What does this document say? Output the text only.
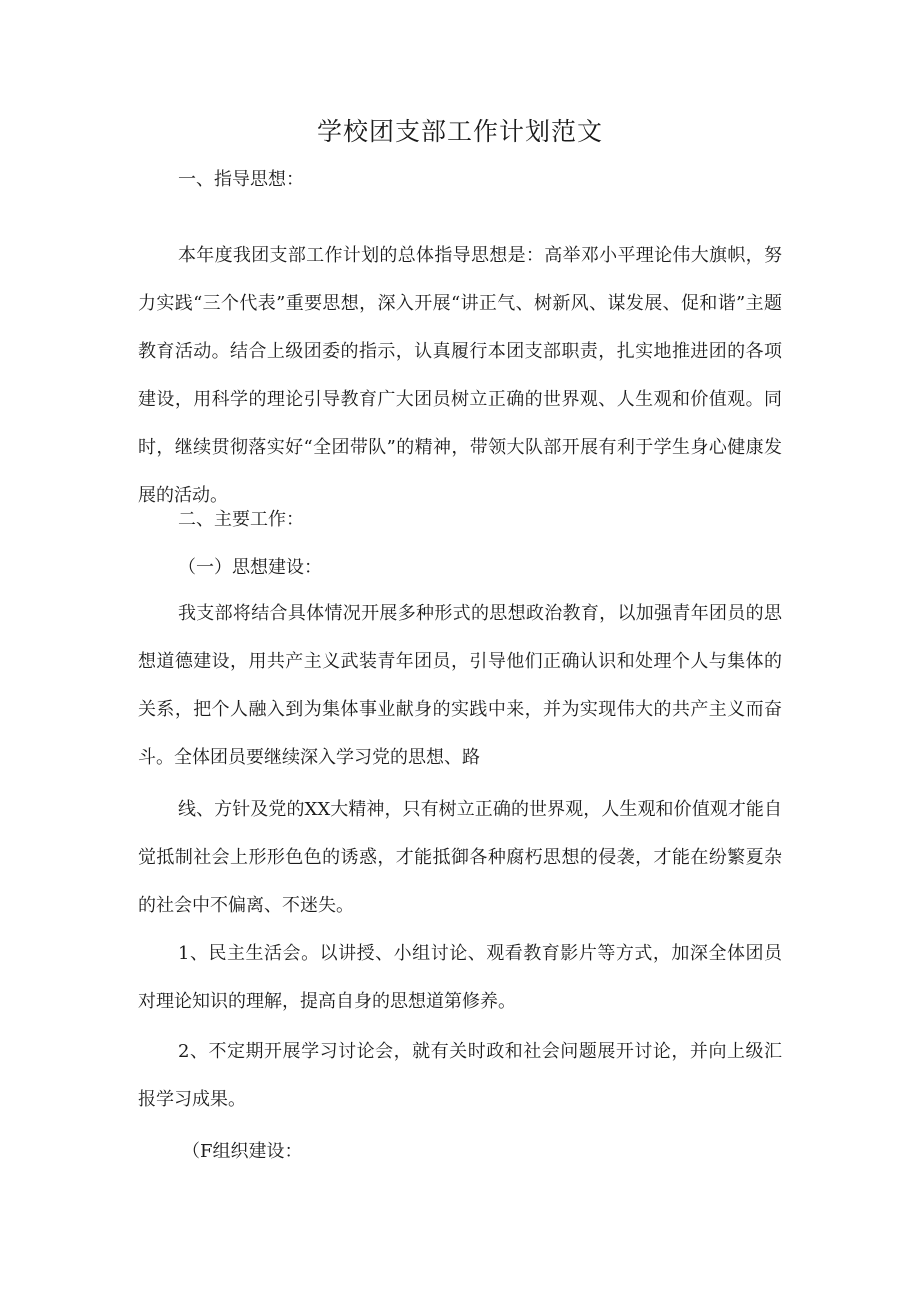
学校团支部工作计划范文
一、指导思想：

本年度我团支部工作计划的总体指导思想是：高举邓小平理论伟大旗帜，努力实践“三个代表”重要思想，深入开展“讲正气、树新风、谋发展、促和谐”主题教育活动。结合上级团委的指示，认真履行本团支部职责，扎实地推进团的各项建设，用科学的理论引导教育广大团员树立正确的世界观、人生观和价值观。同时，继续贯彻落实好“全团带队”的精神，带领大队部开展有利于学生身心健康发展的活动。

二、主要工作：
（一）思想建设：

我支部将结合具体情况开展多种形式的思想政治教育，以加强青年团员的思想道德建设，用共产主义武装青年团员，引导他们正确认识和处理个人与集体的关系，把个人融入到为集体事业献身的实践中来，并为实现伟大的共产主义而奋斗。全体团员要继续深入学习党的思想、路

线、方针及党的XX大精神，只有树立正确的世界观，人生观和价值观才能自觉抵制社会上形形色色的诱惑，才能抵御各种腐朽思想的侵袭，才能在纷繁夏杂的社会中不偏离、不迷失。

1、民主生活会。以讲授、小组讨论、观看教育影片等方式，加深全体团员对理论知识的理解，提高自身的思想道第修养。

2、不定期开展学习讨论会，就有关时政和社会问题展开讨论，并向上级汇报学习成果。

（F组织建设：
